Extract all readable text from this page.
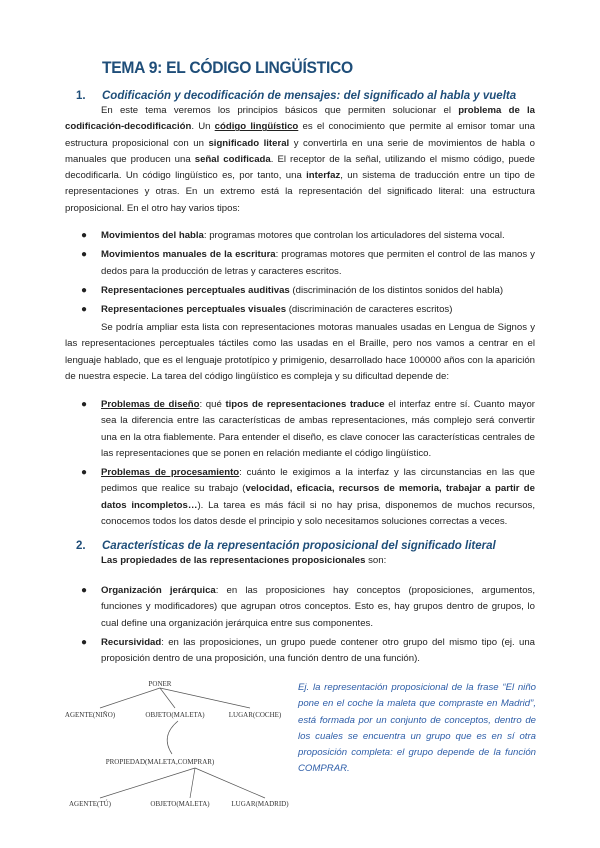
TEMA 9: EL CÓDIGO LINGÜÍSTICO
1. Codificación y decodificación de mensajes: del significado al habla y vuelta
En este tema veremos los principios básicos que permiten solucionar el problema de la codificación-decodificación. Un código lingüístico es el conocimiento que permite al emisor tomar una estructura proposicional con un significado literal y convertirla en una serie de movimientos de habla o manuales que producen una señal codificada. El receptor de la señal, utilizando el mismo código, puede decodificarla. Un código lingüístico es, por tanto, una interfaz, un sistema de traducción entre un tipo de representaciones y otras. En un extremo está la representación del significado literal: una estructura proposicional. En el otro hay varios tipos:
● Movimientos del habla: programas motores que controlan los articuladores del sistema vocal.
● Movimientos manuales de la escritura: programas motores que permiten el control de las manos y dedos para la producción de letras y caracteres escritos.
● Representaciones perceptuales auditivas (discriminación de los distintos sonidos del habla)
● Representaciones perceptuales visuales (discriminación de caracteres escritos)
Se podría ampliar esta lista con representaciones motoras manuales usadas en Lengua de Signos y las representaciones perceptuales táctiles como las usadas en el Braille, pero nos vamos a centrar en el lenguaje hablado, que es el lenguaje prototípico y primigenio, desarrollado hace 100000 años con la aparición de nuestra especie. La tarea del código lingüístico es compleja y su dificultad depende de:
● Problemas de diseño: qué tipos de representaciones traduce el interfaz entre sí. Cuanto mayor sea la diferencia entre las características de ambas representaciones, más complejo será convertir una en la otra fiablemente. Para entender el diseño, es clave conocer las características centrales de las representaciones que se ponen en relación mediante el código lingüístico.
● Problemas de procesamiento: cuánto le exigimos a la interfaz y las circunstancias en las que pedimos que realice su trabajo (velocidad, eficacia, recursos de memoria, trabajar a partir de datos incompletos…). La tarea es más fácil si no hay prisa, disponemos de muchos recursos, conocemos todos los datos desde el principio y solo necesitamos soluciones correctas a veces.
2. Características de la representación proposicional del significado literal
Las propiedades de las representaciones proposicionales son:
● Organización jerárquica: en las proposiciones hay conceptos (proposiciones, argumentos, funciones y modificadores) que agrupan otros conceptos. Esto es, hay grupos dentro de grupos, lo cual define una organización jerárquica entre sus componentes.
● Recursividad: en las proposiciones, un grupo puede contener otro grupo del mismo tipo (ej. una proposición dentro de una proposición, una función dentro de una función).
PONER
AGENTE(NIÑO)	OBJETO(MALETA)	LUGAR(COCHE)
PROPIEDAD(MALETA,COMPRAR)
AGENTE(TÚ)	OBJETO(MALETA)	LUGAR(MADRID)
Ej. la representación proposicional de la frase “El niño pone en el coche la maleta que compraste en Madrid”, está formada por un conjunto de conceptos, dentro de los cuales se encuentra un grupo que es en sí otra proposición completa: el grupo depende de la función COMPRAR.
